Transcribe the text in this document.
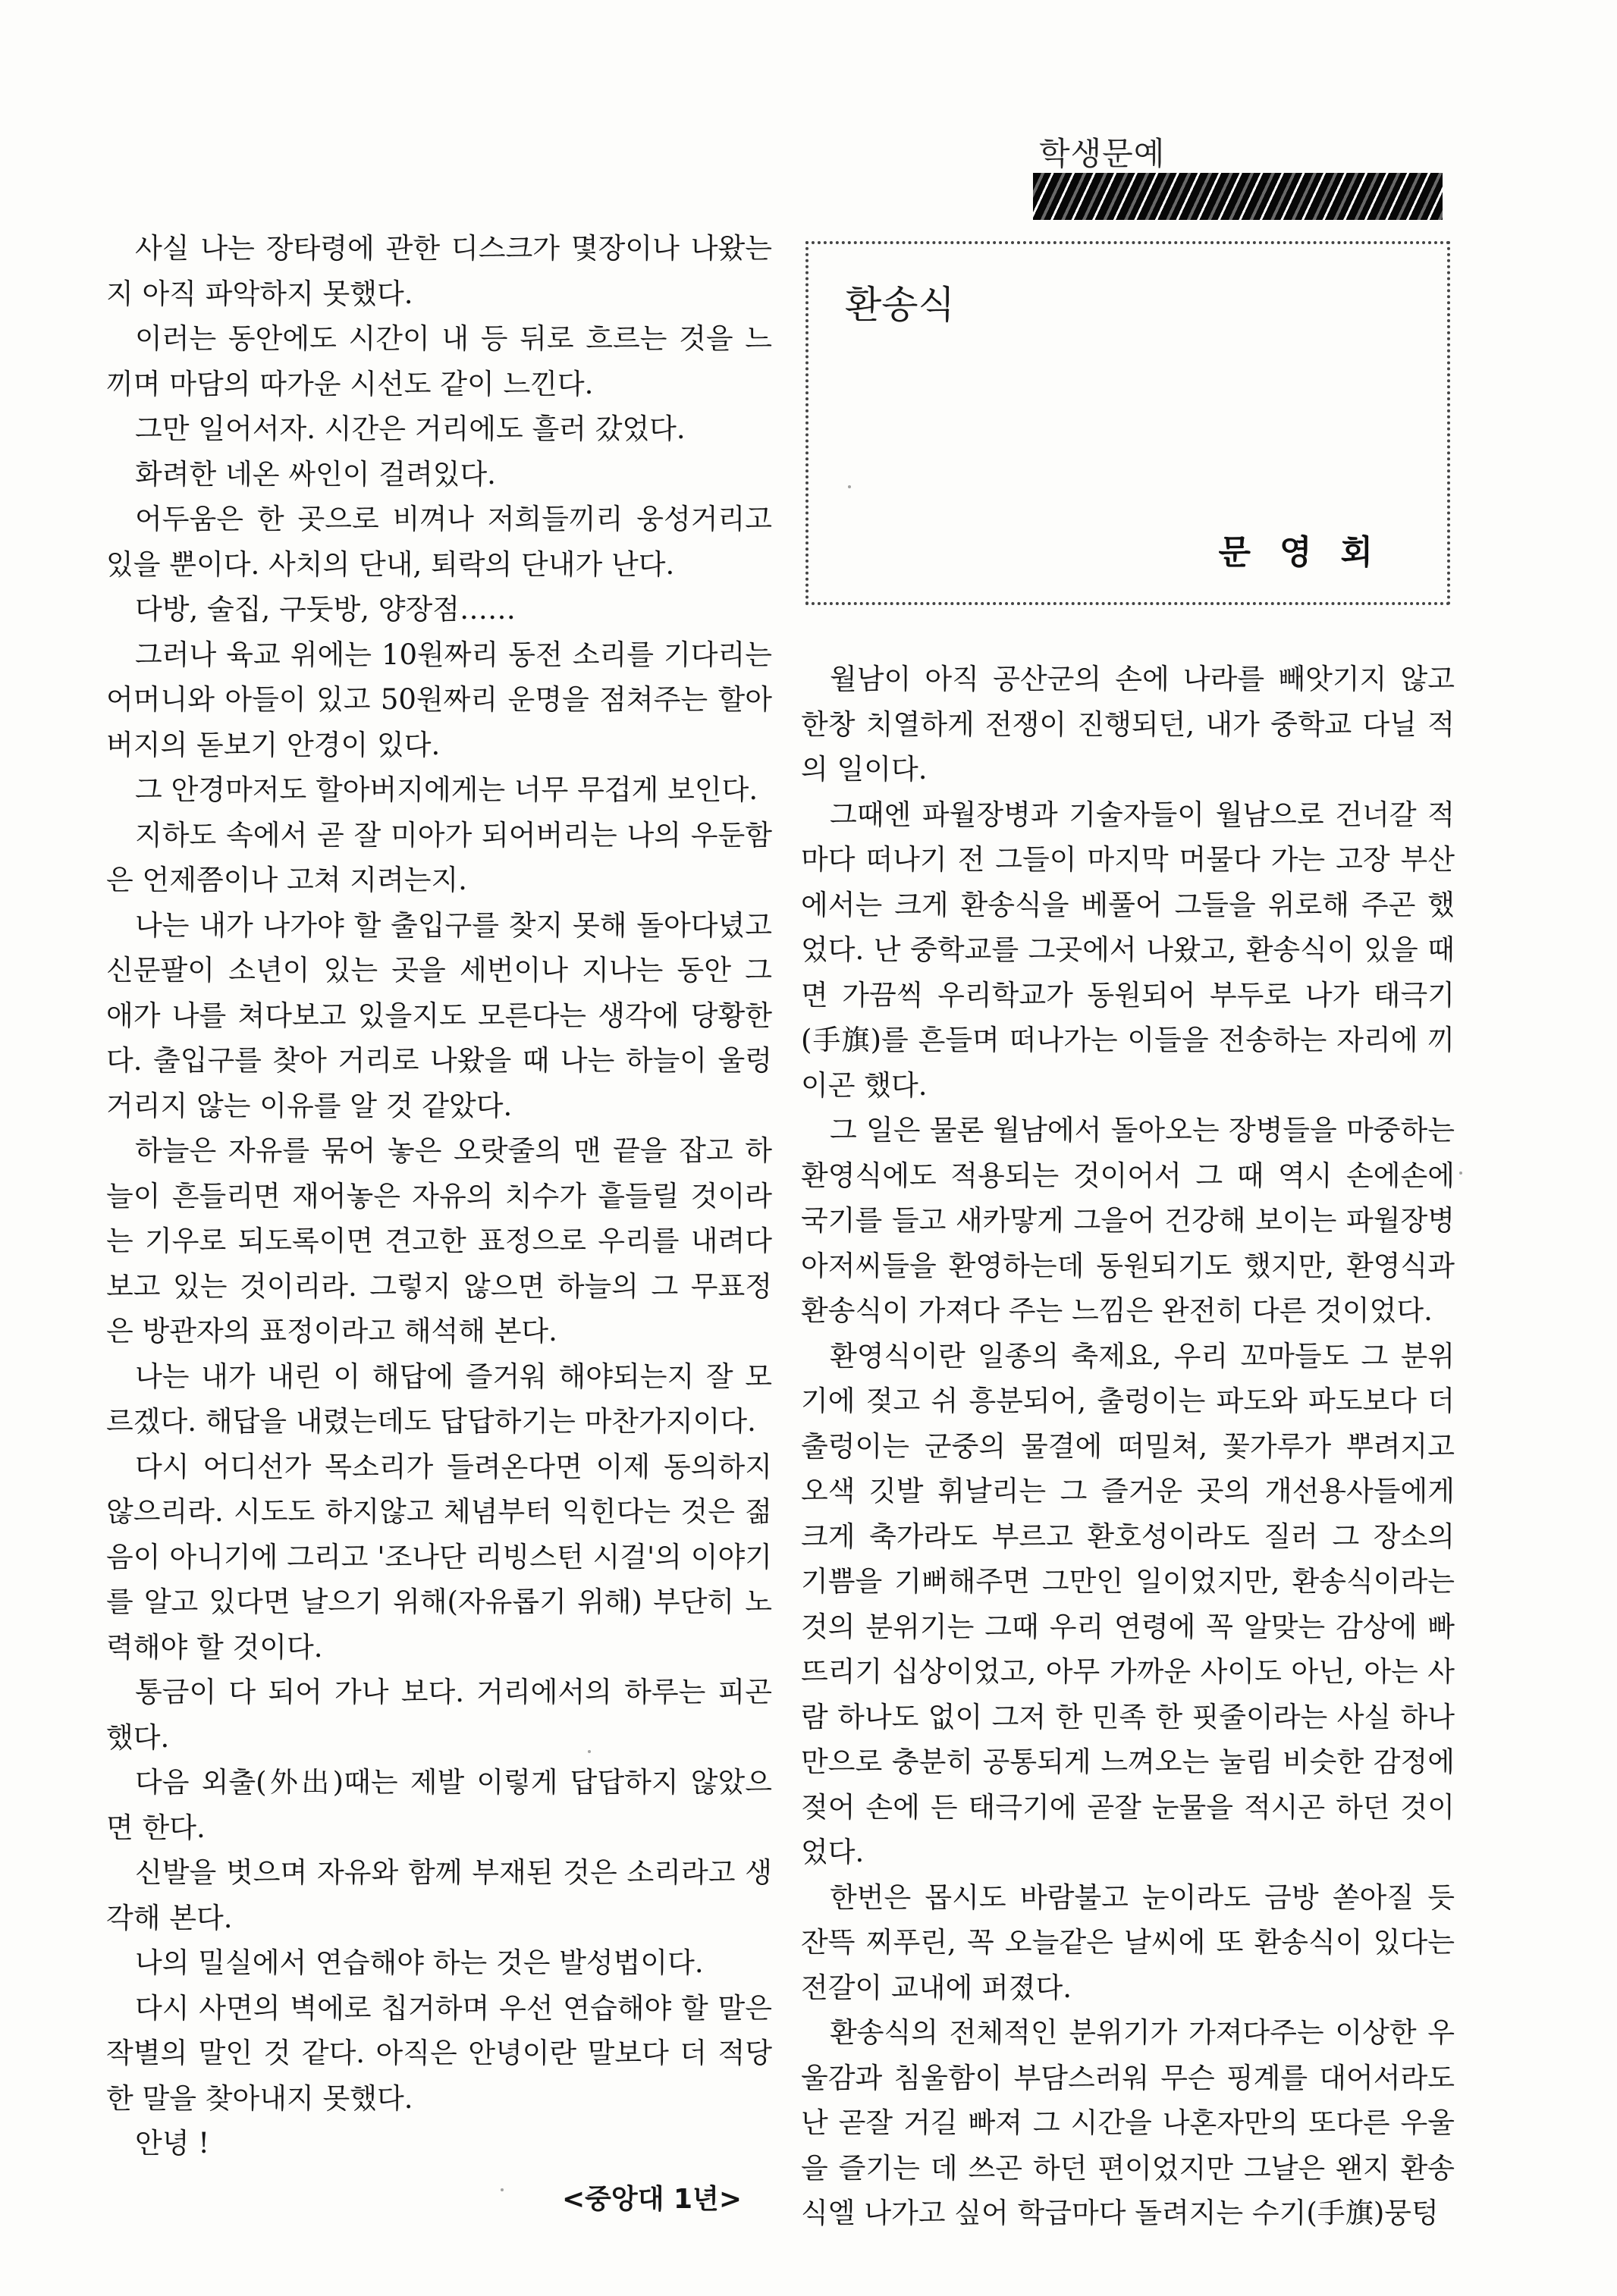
학생문예
환송식
문영회

사실 나는 장타령에 관한 디스크가 몇장이나 나왔는지 아직 파악하지 못했다.

이러는 동안에도 시간이 내 등 뒤로 흐르는 것을 느끼며 마담의 따가운 시선도 같이 느낀다.

그만 일어서자. 시간은 거리에도 흘러 갔었다.

화려한 네온 싸인이 걸려있다.

어두움은 한 곳으로 비껴나 저희들끼리 웅성거리고 있을 뿐이다. 사치의 단내, 퇴락의 단내가 난다.

다방, 술집, 구둣방, 양장점……

그러나 육교 위에는 10원짜리 동전 소리를 기다리는 어머니와 아들이 있고 50원짜리 운명을 점쳐주는 할아버지의 돋보기 안경이 있다.

그 안경마저도 할아버지에게는 너무 무겁게 보인다.

지하도 속에서 곧 잘 미아가 되어버리는 나의 우둔함은 언제쯤이나 고쳐 지려는지.

나는 내가 나가야 할 출입구를 찾지 못해 돌아다녔고 신문팔이 소년이 있는 곳을 세번이나 지나는 동안 그 애가 나를 쳐다보고 있을지도 모른다는 생각에 당황한다. 출입구를 찾아 거리로 나왔을 때 나는 하늘이 울렁거리지 않는 이유를 알 것 같았다.

하늘은 자유를 묶어 놓은 오랏줄의 맨 끝을 잡고 하늘이 흔들리면 재어놓은 자유의 치수가 흩들릴 것이라는 기우로 되도록이면 견고한 표정으로 우리를 내려다 보고 있는 것이리라. 그렇지 않으면 하늘의 그 무표정은 방관자의 표정이라고 해석해 본다.

나는 내가 내린 이 해답에 즐거워 해야되는지 잘 모르겠다. 해답을 내렸는데도 답답하기는 마찬가지이다.

다시 어디선가 목소리가 들려온다면 이제 동의하지 않으리라. 시도도 하지않고 체념부터 익힌다는 것은 젊음이 아니기에 그리고 '조나단 리빙스턴 시걸'의 이야기를 알고 있다면 날으기 위해(자유롭기 위해) 부단히 노력해야 할 것이다.

통금이 다 되어 가나 보다. 거리에서의 하루는 피곤했다.

다음 외출(外出)때는 제발 이렇게 답답하지 않았으면 한다.

신발을 벗으며 자유와 함께 부재된 것은 소리라고 생각해 본다.

나의 밀실에서 연습해야 하는 것은 발성법이다.

다시 사면의 벽에로 칩거하며 우선 연습해야 할 말은 작별의 말인 것 같다. 아직은 안녕이란 말보다 더 적당한 말을 찾아내지 못했다.

안녕 !

<중앙대 1년>

월남이 아직 공산군의 손에 나라를 빼앗기지 않고 한창 치열하게 전쟁이 진행되던, 내가 중학교 다닐 적의 일이다.

그때엔 파월장병과 기술자들이 월남으로 건너갈 적마다 떠나기 전 그들이 마지막 머물다 가는 고장 부산에서는 크게 환송식을 베풀어 그들을 위로해 주곤 했었다. 난 중학교를 그곳에서 나왔고, 환송식이 있을 때면 가끔씩 우리학교가 동원되어 부두로 나가 태극기(手旗)를 흔들며 떠나가는 이들을 전송하는 자리에 끼이곤 했다.

그 일은 물론 월남에서 돌아오는 장병들을 마중하는 환영식에도 적용되는 것이어서 그 때 역시 손에손에 국기를 들고 새카맣게 그을어 건강해 보이는 파월장병 아저씨들을 환영하는데 동원되기도 했지만, 환영식과 환송식이 가져다 주는 느낌은 완전히 다른 것이었다.

환영식이란 일종의 축제요, 우리 꼬마들도 그 분위기에 젖고 쉬 흥분되어, 출렁이는 파도와 파도보다 더 출렁이는 군중의 물결에 떠밀쳐, 꽃가루가 뿌려지고 오색 깃발 휘날리는 그 즐거운 곳의 개선용사들에게 크게 축가라도 부르고 환호성이라도 질러 그 장소의 기쁨을 기뻐해주면 그만인 일이었지만, 환송식이라는 것의 분위기는 그때 우리 연령에 꼭 알맞는 감상에 빠뜨리기 십상이었고, 아무 가까운 사이도 아닌, 아는 사람 하나도 없이 그저 한 민족 한 핏줄이라는 사실 하나만으로 충분히 공통되게 느껴오는 눌림 비슷한 감정에 젖어 손에 든 태극기에 곧잘 눈물을 적시곤 하던 것이었다.

한번은 몹시도 바람불고 눈이라도 금방 쏟아질 듯 잔뜩 찌푸린, 꼭 오늘같은 날씨에 또 환송식이 있다는 전갈이 교내에 퍼졌다.

환송식의 전체적인 분위기가 가져다주는 이상한 우울감과 침울함이 부담스러워 무슨 핑계를 대어서라도 난 곧잘 거길 빠져 그 시간을 나혼자만의 또다른 우울을 즐기는 데 쓰곤 하던 편이었지만 그날은 왠지 환송식엘 나가고 싶어 학급마다 돌려지는 수기(手旗)뭉텅
